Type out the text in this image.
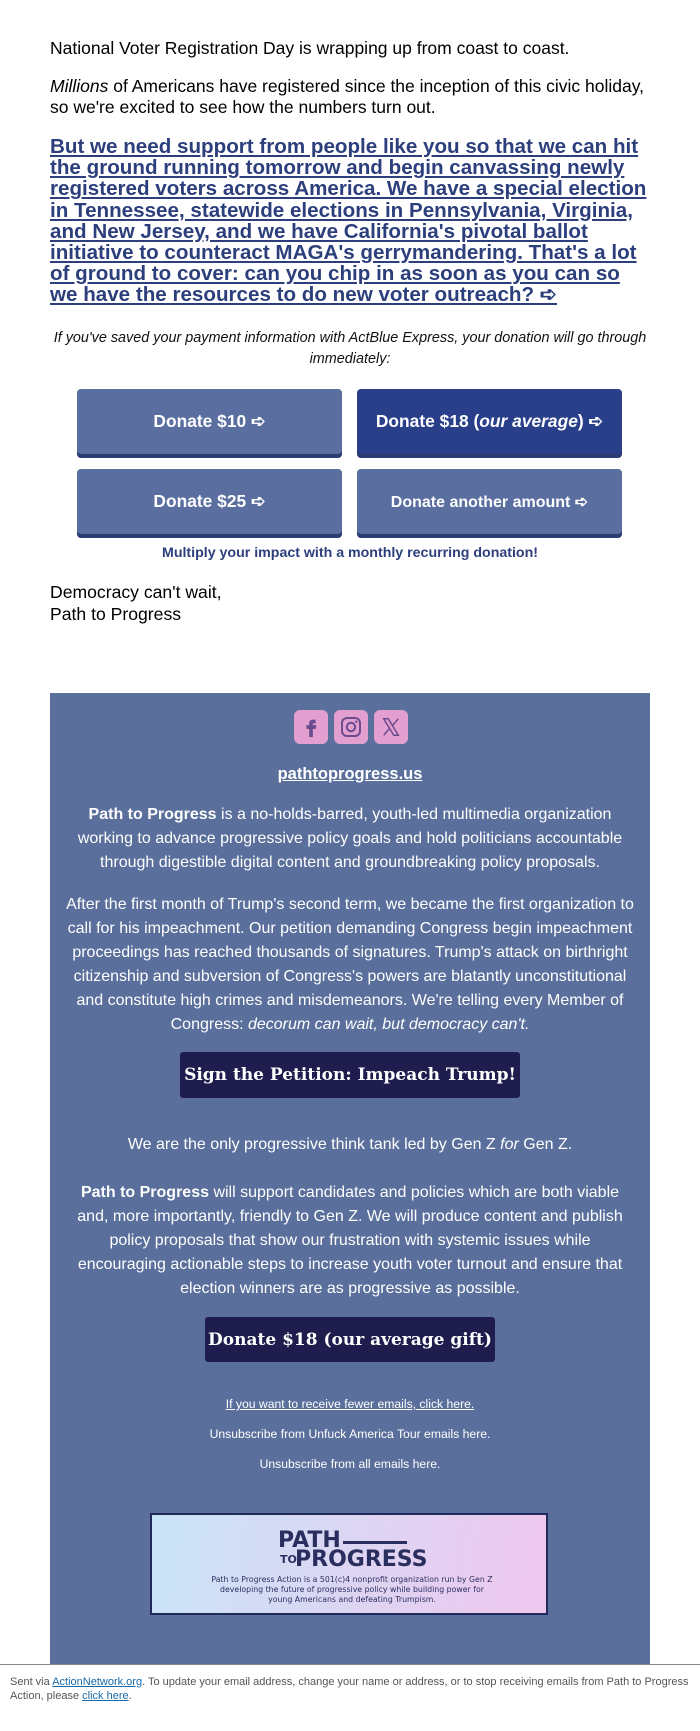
National Voter Registration Day is wrapping up from coast to coast.
Millions of Americans have registered since the inception of this civic holiday, so we're excited to see how the numbers turn out.
But we need support from people like you so that we can hit the ground running tomorrow and begin canvassing newly registered voters across America. We have a special election in Tennessee, statewide elections in Pennsylvania, Virginia, and New Jersey, and we have California's pivotal ballot initiative to counteract MAGA's gerrymandering. That's a lot of ground to cover: can you chip in as soon as you can so we have the resources to do new voter outreach? ➪
If you've saved your payment information with ActBlue Express, your donation will go through immediately:
Donate $10 ➪	Donate $18 ( our average ) ➪
Donate $25 ➪	Donate another amount ➪
Multiply your impact with a monthly recurring donation!
Democracy can't wait,
Path to Progress
pathtoprogress.us
Path to Progress is a no-holds-barred, youth-led multimedia organization working to advance progressive policy goals and hold politicians accountable through digestible digital content and groundbreaking policy proposals.
After the first month of Trump's second term, we became the first organization to call for his impeachment. Our petition demanding Congress begin impeachment proceedings has reached thousands of signatures. Trump's attack on birthright citizenship and subversion of Congress's powers are blatantly unconstitutional and constitute high crimes and misdemeanors. We're telling every Member of Congress: decorum can wait, but democracy can't.
Sign the Petition: Impeach Trump!
We are the only progressive think tank led by Gen Z for Gen Z.
Path to Progress will support candidates and policies which are both viable and, more importantly, friendly to Gen Z. We will produce content and publish policy proposals that show our frustration with systemic issues while encouraging actionable steps to increase youth voter turnout and ensure that election winners are as progressive as possible.
Donate $18 (our average gift)
If you want to receive fewer emails, click here.
Unsubscribe from Unfuck America Tour emails here.
Unsubscribe from all emails here.
PATH
TO
PROGRESS
Path to Progress Action is a 501(c)4 nonprofit organization run by Gen Z developing the future of progressive policy while building power for young Americans and defeating Trumpism.
Sent via ActionNetwork.org. To update your email address, change your name or address, or to stop receiving emails from Path to Progress Action, please click here.
